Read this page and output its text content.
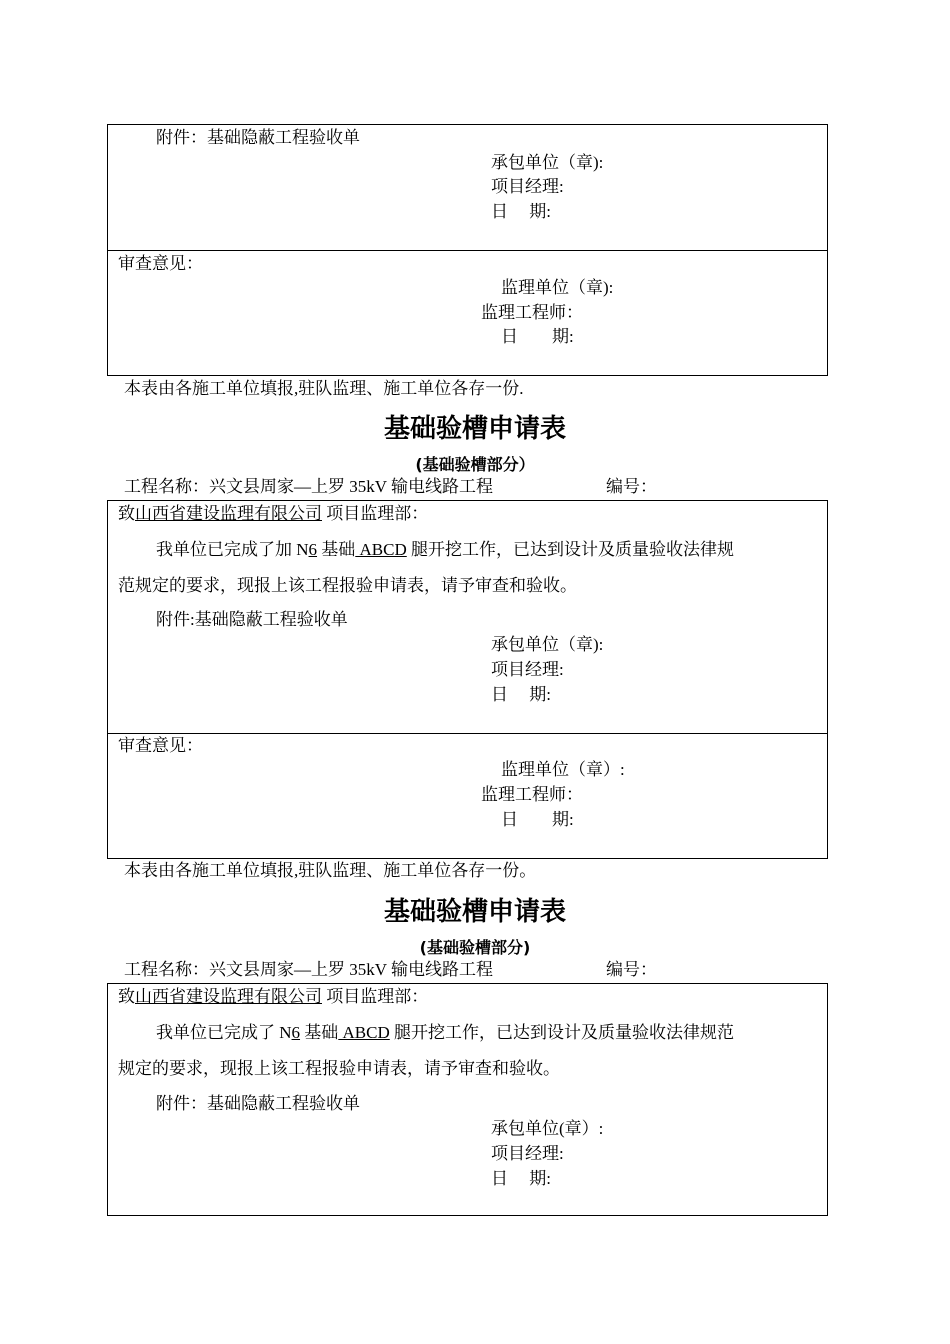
附件：基础隐蔽工程验收单
承包单位（章):
项目经理:
日　 期:
审查意见：
监理单位（章):
监理工程师：
日　　期:
本表由各施工单位填报,驻队监理、施工单位各存一份.
基础验槽申请表
(基础验槽部分）
工程名称：兴文县周家—上罗 35kV 输电线路工程	编号：
致山西省建设监理有限公司 项目监理部：
我单位已完成了加 N6 基础 ABCD 腿开挖工作，已达到设计及质量验收法律规
范规定的要求，现报上该工程报验申请表，请予审查和验收。
附件:基础隐蔽工程验收单
承包单位（章):
项目经理:
日　 期:
审查意见：
监理单位（章）:
监理工程师：
日　　期:
本表由各施工单位填报,驻队监理、施工单位各存一份。
基础验槽申请表
(基础验槽部分)
工程名称：兴文县周家—上罗 35kV 输电线路工程	编号：
致山西省建设监理有限公司 项目监理部：
我单位已完成了 N6 基础 ABCD 腿开挖工作，已达到设计及质量验收法律规范
规定的要求，现报上该工程报验申请表，请予审查和验收。
附件：基础隐蔽工程验收单
承包单位(章）:
项目经理:
日　 期:
